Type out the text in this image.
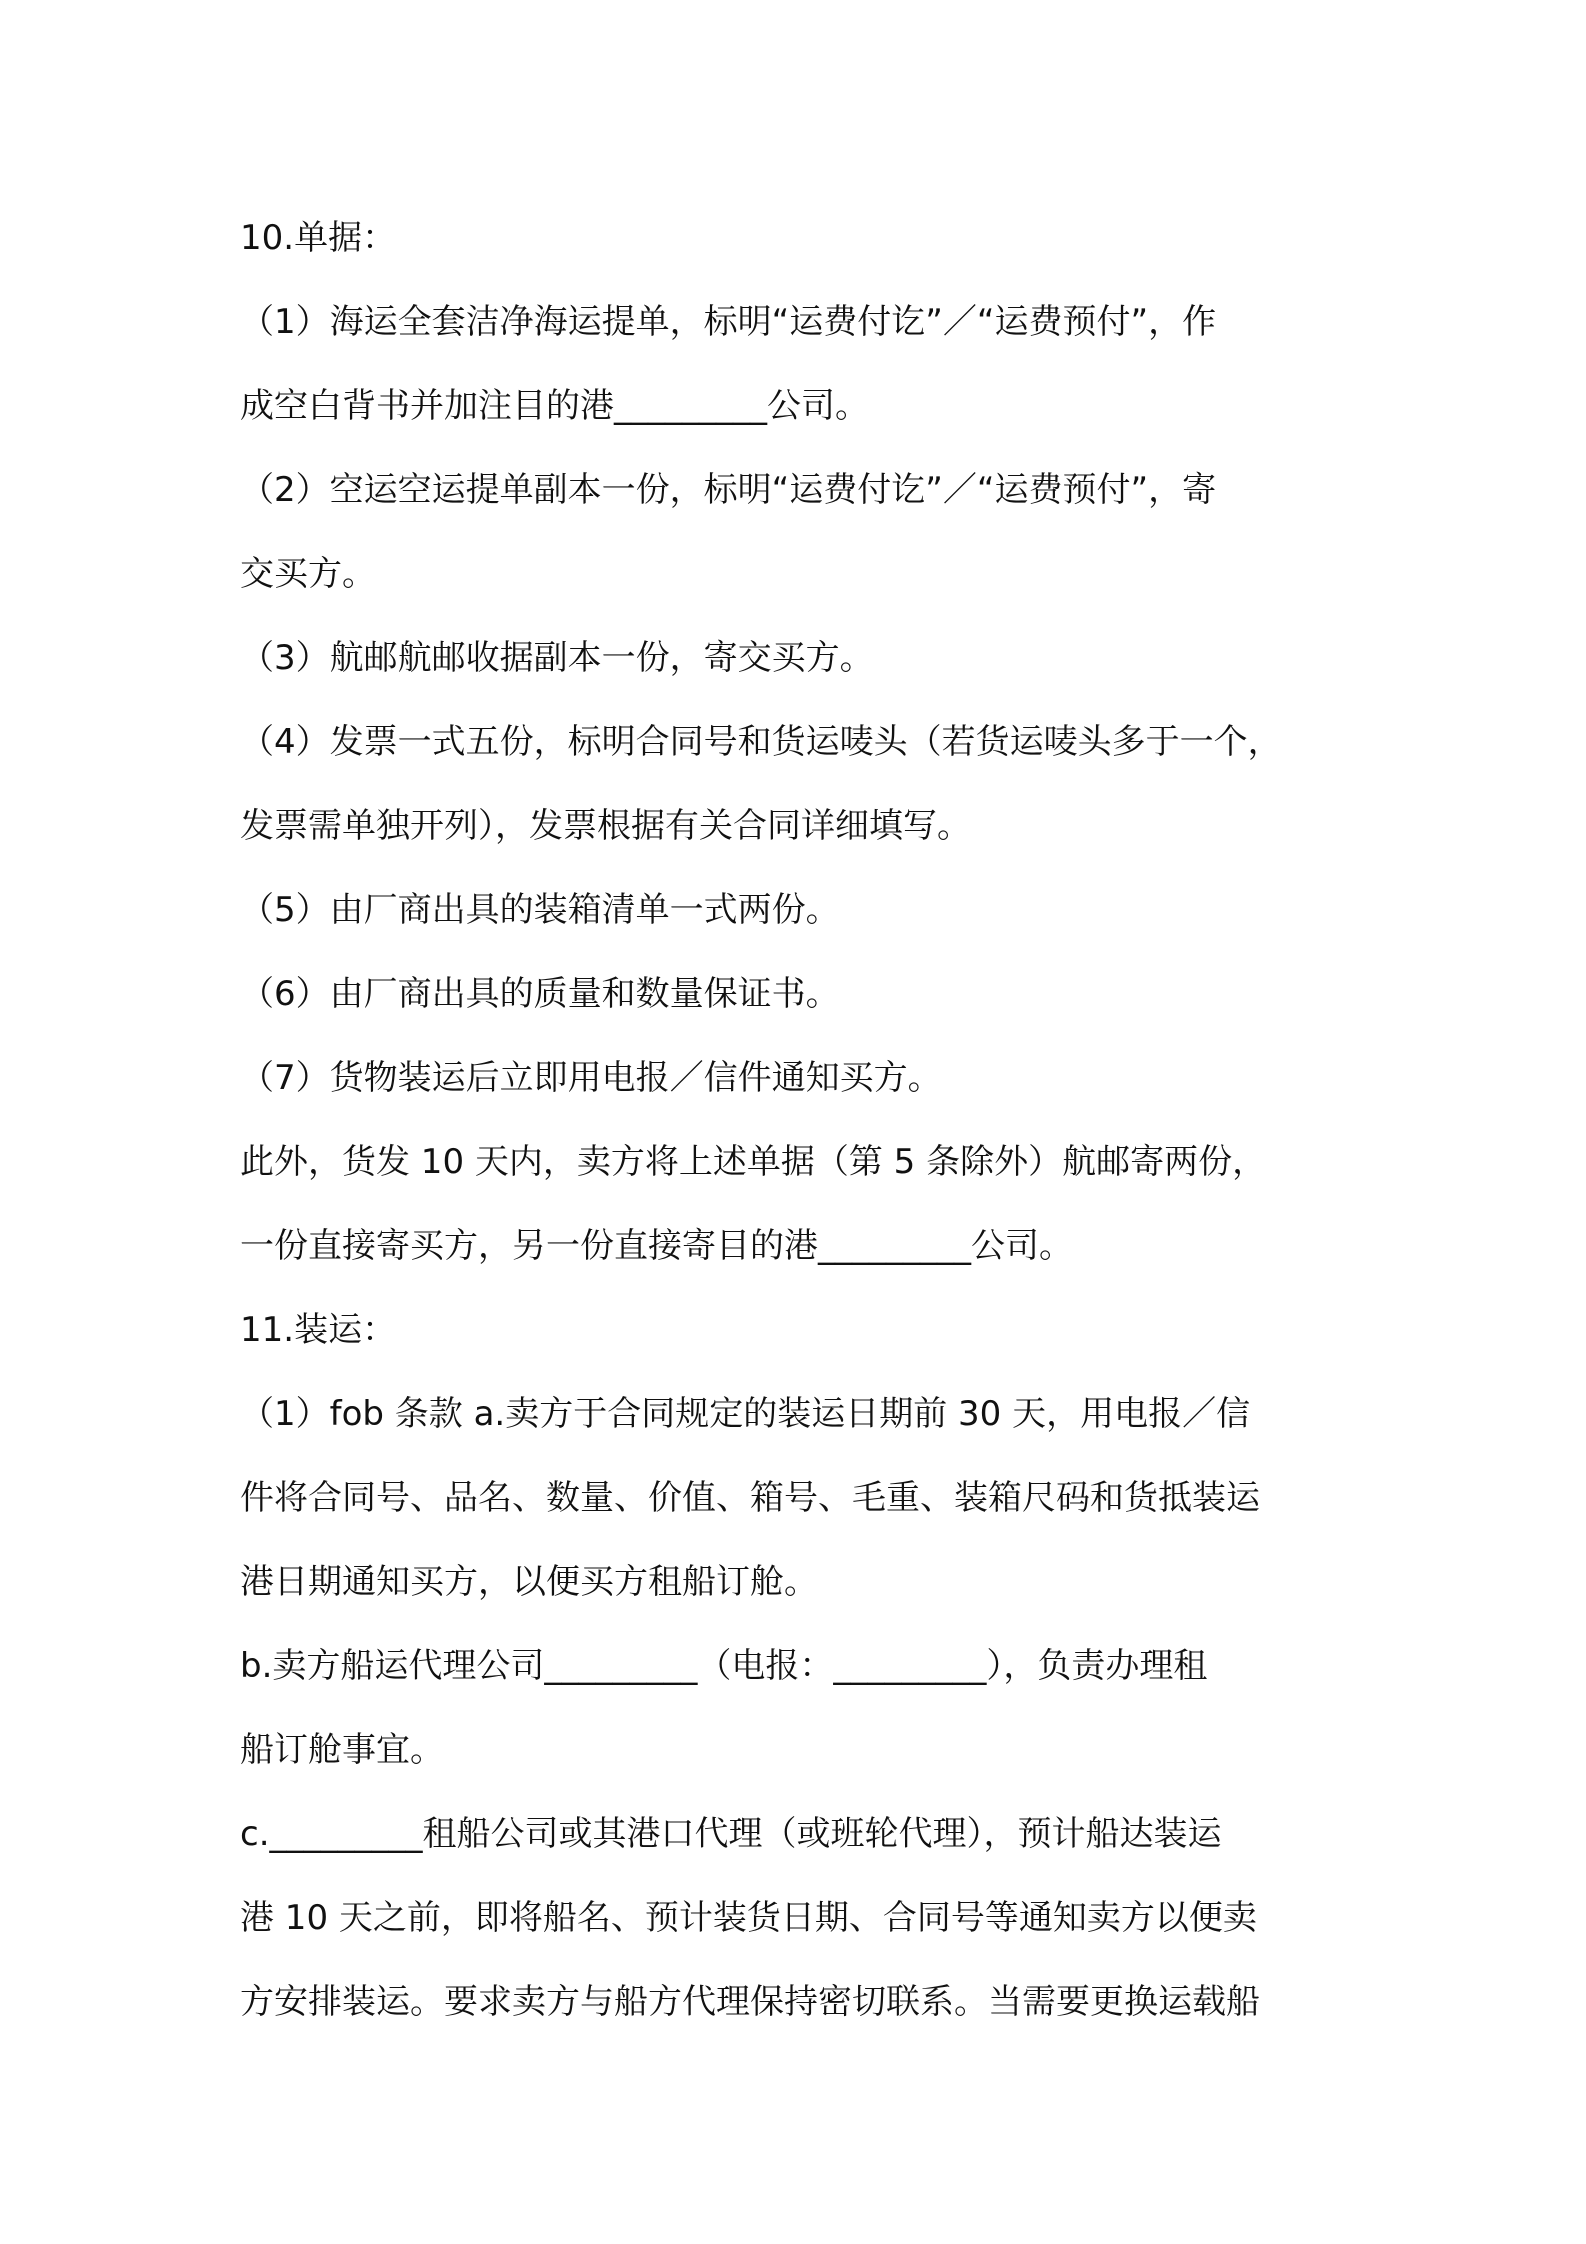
10.单据：
（1）海运全套洁净海运提单，标明“运费付讫”／“运费预付”，作
成空白背书并加注目的港_________公司。
（2）空运空运提单副本一份，标明“运费付讫”／“运费预付”，寄
交买方。
（3）航邮航邮收据副本一份，寄交买方。
（4）发票一式五份，标明合同号和货运唛头（若货运唛头多于一个，
发票需单独开列），发票根据有关合同详细填写。
（5）由厂商出具的装箱清单一式两份。
（6）由厂商出具的质量和数量保证书。
（7）货物装运后立即用电报／信件通知买方。
此外，货发 10 天内，卖方将上述单据（第 5 条除外）航邮寄两份，
一份直接寄买方，另一份直接寄目的港_________公司。
11.装运：
（1）fob 条款 a.卖方于合同规定的装运日期前 30 天，用电报／信
件将合同号、品名、数量、价值、箱号、毛重、装箱尺码和货抵装运
港日期通知买方，以便买方租船订舱。
b.卖方船运代理公司_________（电报：_________），负责办理租
船订舱事宜。
c._________租船公司或其港口代理（或班轮代理），预计船达装运
港 10 天之前，即将船名、预计装货日期、合同号等通知卖方以便卖
方安排装运。要求卖方与船方代理保持密切联系。当需要更换运载船
